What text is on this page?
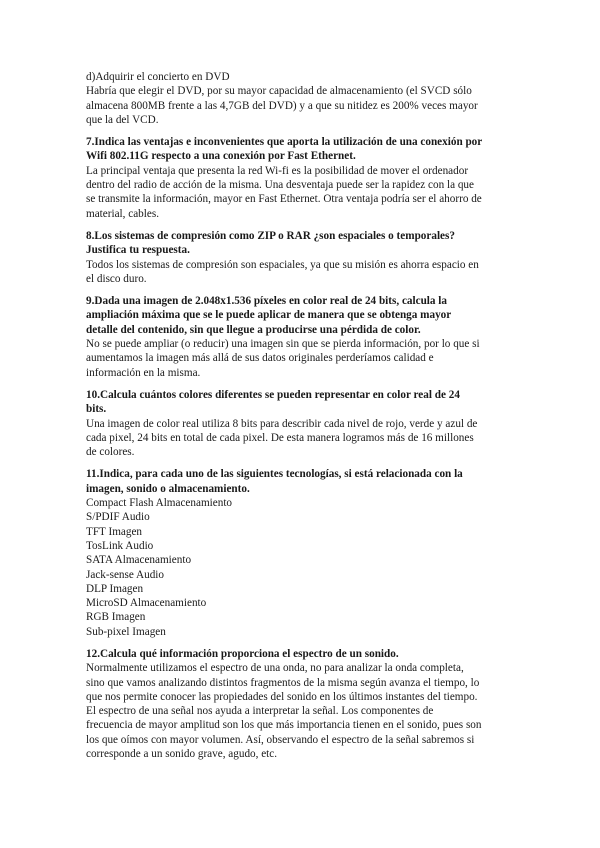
d)Adquirir el concierto en DVD
Habría que elegir el DVD, por su mayor capacidad de almacenamiento (el SVCD sólo
almacena 800MB frente a las 4,7GB del DVD) y a que su nitidez es 200% veces mayor
que la del VCD.
7.Indica las ventajas e inconvenientes que aporta la utilización de una conexión por
Wifi 802.11G respecto a una conexión por Fast Ethernet.
La principal ventaja que presenta la red Wi-fi es la posibilidad de mover el ordenador
dentro del radio de acción de la misma. Una desventaja puede ser la rapidez con la que
se transmite la información, mayor en Fast Ethernet. Otra ventaja podría ser el ahorro de
material, cables.
8.Los sistemas de compresión como ZIP o RAR ¿son espaciales o temporales?
Justifica tu respuesta.
Todos los sistemas de compresión son espaciales, ya que su misión es ahorra espacio en
el disco duro.
9.Dada una imagen de 2.048x1.536 píxeles en color real de 24 bits, calcula la
ampliación máxima que se le puede aplicar de manera que se obtenga mayor
detalle del contenido, sin que llegue a producirse una pérdida de color.
No se puede ampliar (o reducir) una imagen sin que se pierda información, por lo que si
aumentamos la imagen más allá de sus datos originales perderíamos calidad e
información en la misma.
10.Calcula cuántos colores diferentes se pueden representar en color real de 24
bits.
Una imagen de color real utiliza 8 bits para describir cada nivel de rojo, verde y azul de
cada pixel, 24 bits en total de cada pixel. De esta manera logramos más de 16 millones
de colores.
11.Indica, para cada uno de las siguientes tecnologías, si está relacionada con la
imagen, sonido o almacenamiento.
Compact Flash Almacenamiento
S/PDIF Audio
TFT Imagen
TosLink Audio
SATA Almacenamiento
Jack-sense Audio
DLP Imagen
MicroSD Almacenamiento
RGB Imagen
Sub-pixel Imagen
12.Calcula qué información proporciona el espectro de un sonido.
Normalmente utilizamos el espectro de una onda, no para analizar la onda completa,
sino que vamos analizando distintos fragmentos de la misma según avanza el tiempo, lo
que nos permite conocer las propiedades del sonido en los últimos instantes del tiempo.
El espectro de una señal nos ayuda a interpretar la señal. Los componentes de
frecuencia de mayor amplitud son los que más importancia tienen en el sonido, pues son
los que oímos con mayor volumen. Así, observando el espectro de la señal sabremos si
corresponde a un sonido grave, agudo, etc.
